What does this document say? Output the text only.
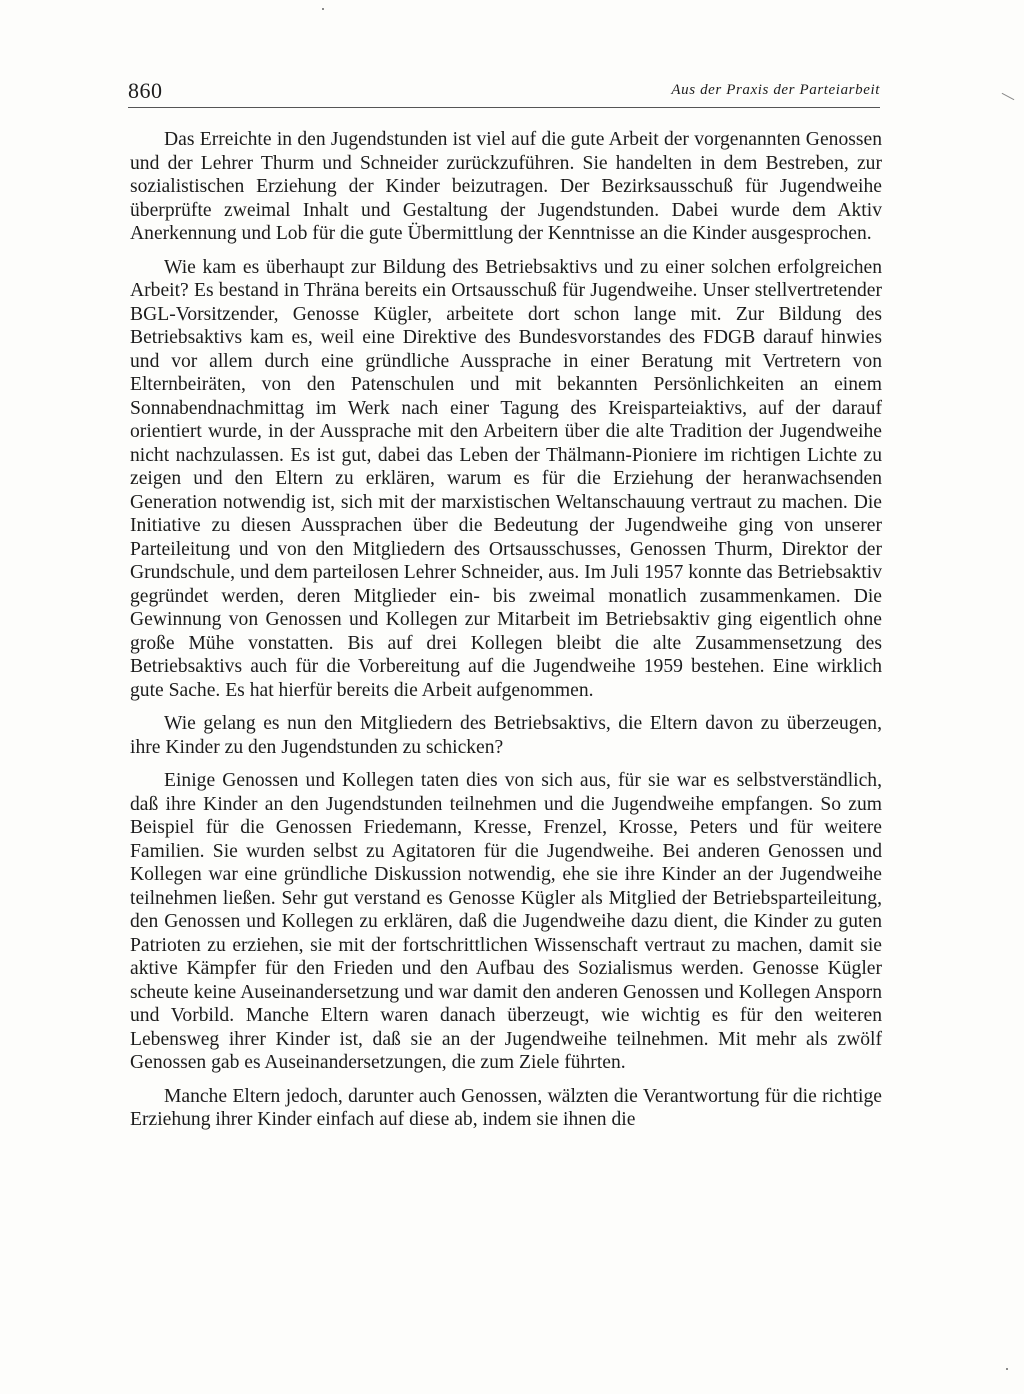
860	Aus der Praxis der Parteiarbeit

Das Erreichte in den Jugendstunden ist viel auf die gute Arbeit der vorgenannten Genossen und der Lehrer Thurm und Schneider zurückzuführen. Sie handelten in dem Bestreben, zur sozialistischen Erziehung der Kinder beizutragen. Der Bezirksausschuß für Jugendweihe überprüfte zweimal Inhalt und Gestaltung der Jugendstunden. Dabei wurde dem Aktiv Anerkennung und Lob für die gute Übermittlung der Kenntnisse an die Kinder ausgesprochen.

Wie kam es überhaupt zur Bildung des Betriebsaktivs und zu einer solchen erfolgreichen Arbeit? Es bestand in Thräna bereits ein Ortsausschuß für Jugendweihe. Unser stellvertretender BGL-Vorsitzender, Genosse Kügler, arbeitete dort schon lange mit. Zur Bildung des Betriebsaktivs kam es, weil eine Direktive des Bundesvorstandes des FDGB darauf hinwies und vor allem durch eine gründliche Aussprache in einer Beratung mit Vertretern von Elternbeiräten, von den Patenschulen und mit bekannten Persönlichkeiten an einem Sonnabendnachmittag im Werk nach einer Tagung des Kreisparteiaktivs, auf der darauf orientiert wurde, in der Aussprache mit den Arbeitern über die alte Tradition der Jugendweihe nicht nachzulassen. Es ist gut, dabei das Leben der Thälmann-Pioniere im richtigen Lichte zu zeigen und den Eltern zu erklären, warum es für die Erziehung der heranwachsenden Generation notwendig ist, sich mit der marxistischen Weltanschauung vertraut zu machen. Die Initiative zu diesen Aussprachen über die Bedeutung der Jugendweihe ging von unserer Parteileitung und von den Mitgliedern des Ortsausschusses, Genossen Thurm, Direktor der Grundschule, und dem parteilosen Lehrer Schneider, aus. Im Juli 1957 konnte das Betriebsaktiv gegründet werden, deren Mitglieder ein- bis zweimal monatlich zusammenkamen. Die Gewinnung von Genossen und Kollegen zur Mitarbeit im Betriebsaktiv ging eigentlich ohne große Mühe vonstatten. Bis auf drei Kollegen bleibt die alte Zusammensetzung des Betriebsaktivs auch für die Vorbereitung auf die Jugendweihe 1959 bestehen. Eine wirklich gute Sache. Es hat hierfür bereits die Arbeit aufgenommen.

Wie gelang es nun den Mitgliedern des Betriebsaktivs, die Eltern davon zu überzeugen, ihre Kinder zu den Jugendstunden zu schicken?

Einige Genossen und Kollegen taten dies von sich aus, für sie war es selbstverständlich, daß ihre Kinder an den Jugendstunden teilnehmen und die Jugendweihe empfangen. So zum Beispiel für die Genossen Friedemann, Kresse, Frenzel, Krosse, Peters und für weitere Familien. Sie wurden selbst zu Agitatoren für die Jugendweihe. Bei anderen Genossen und Kollegen war eine gründliche Diskussion notwendig, ehe sie ihre Kinder an der Jugendweihe teilnehmen ließen. Sehr gut verstand es Genosse Kügler als Mitglied der Betriebsparteileitung, den Genossen und Kollegen zu erklären, daß die Jugendweihe dazu dient, die Kinder zu guten Patrioten zu erziehen, sie mit der fortschrittlichen Wissenschaft vertraut zu machen, damit sie aktive Kämpfer für den Frieden und den Aufbau des Sozialismus werden. Genosse Kügler scheute keine Auseinandersetzung und war damit den anderen Genossen und Kollegen Ansporn und Vorbild. Manche Eltern waren danach überzeugt, wie wichtig es für den weiteren Lebensweg ihrer Kinder ist, daß sie an der Jugendweihe teilnehmen. Mit mehr als zwölf Genossen gab es Auseinandersetzungen, die zum Ziele führten.

Manche Eltern jedoch, darunter auch Genossen, wälzten die Verantwortung für die richtige Erziehung ihrer Kinder einfach auf diese ab, indem sie ihnen die
